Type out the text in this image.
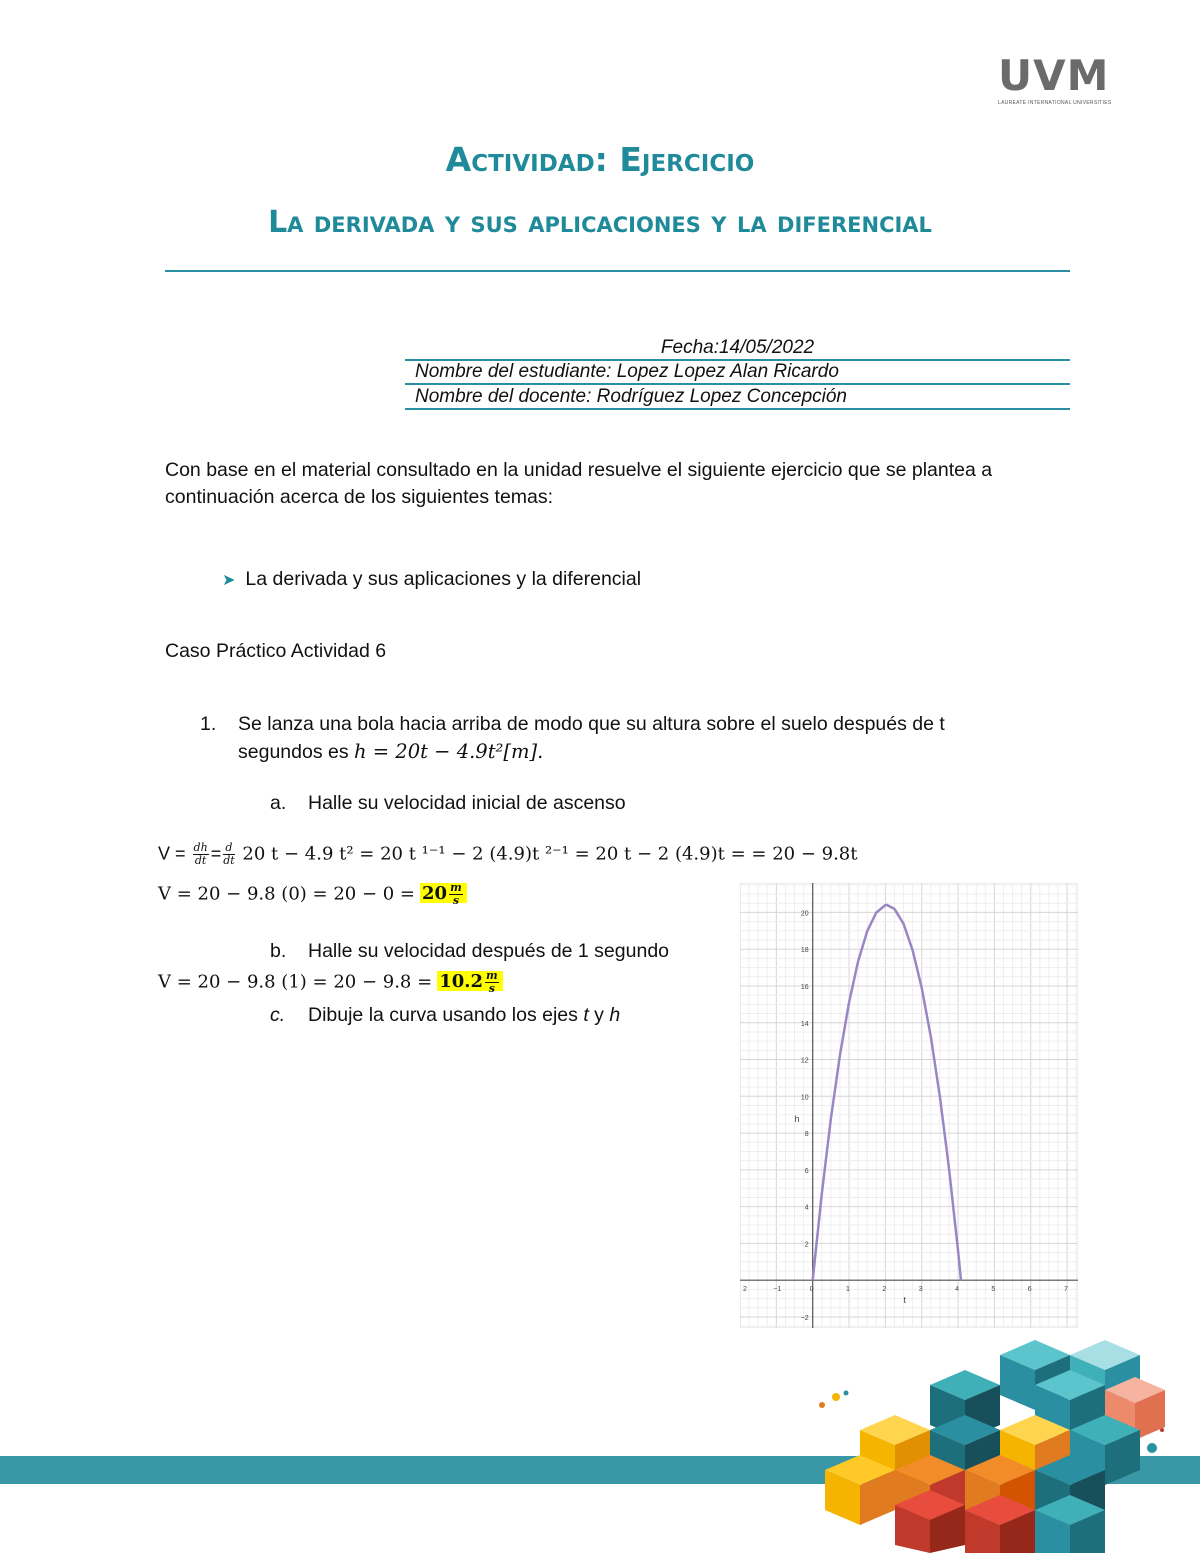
UVM
LAUREATE INTERNATIONAL UNIVERSITIES
Actividad: Ejercicio
La derivada y sus aplicaciones y la diferencial
Fecha:14/05/2022
Nombre del estudiante: Lopez Lopez Alan Ricardo
Nombre del docente: Rodríguez Lopez Concepción
Con base en el material consultado en la unidad resuelve el siguiente ejercicio que se plantea a continuación acerca de los siguientes temas:
➤ La derivada y sus aplicaciones y la diferencial
Caso Práctico Actividad 6
1. Se lanza una bola hacia arriba de modo que su altura sobre el suelo después de t
segundos es h = 20t − 4.9t²[m].
a. Halle su velocidad inicial de ascenso
$V = \frac{dh}{dt} = \frac{d}{dt} 20$ t − 4.9 t² = 20 t ¹⁻¹ − 2 (4.9)t ²⁻¹ = 20 t − 2 (4.9)t = = 20 − 9.8t
V = 20 − 9.8 $(0) = 20 - 0 = 20 \frac{m}{s}$
b. Halle su velocidad después de 1 segundo
V = 20 − 9.8 $(1) = 20 - 9.8 = 10.2 \frac{m}{s}$
c. Dibuje la curva usando los ejes t y h
2	−1	0	1	2	3	4	5	6	7
20
18
16
14
12
10
8
6
4
2
−2
t
h
